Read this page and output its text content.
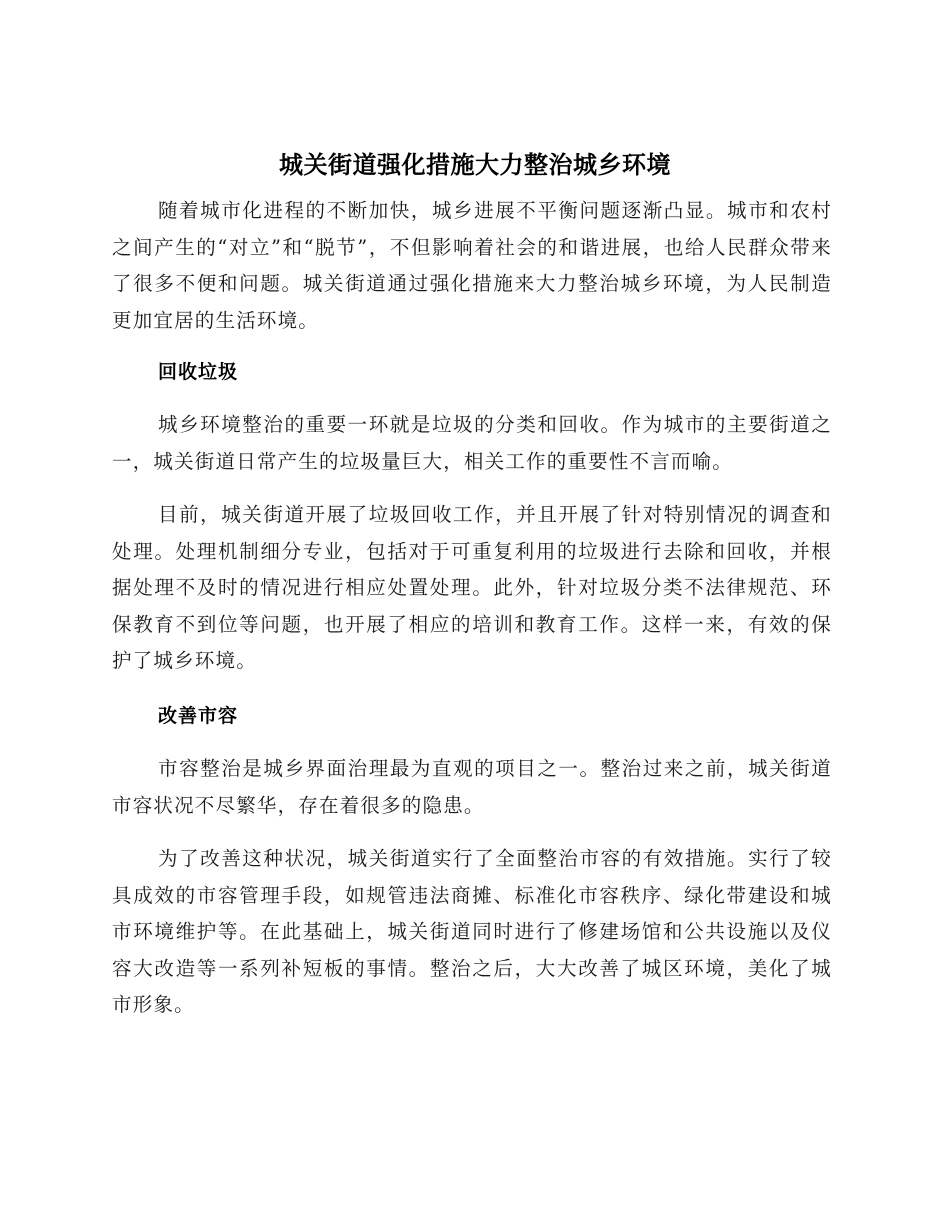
城关街道强化措施大力整治城乡环境

随着城市化进程的不断加快，城乡进展不平衡问题逐渐凸显。城市和农村之间产生的“对立”和“脱节”，不但影响着社会的和谐进展，也给人民群众带来了很多不便和问题。城关街道通过强化措施来大力整治城乡环境，为人民制造更加宜居的生活环境。

回收垃圾

城乡环境整治的重要一环就是垃圾的分类和回收。作为城市的主要街道之一，城关街道日常产生的垃圾量巨大，相关工作的重要性不言而喻。

目前，城关街道开展了垃圾回收工作，并且开展了针对特别情况的调查和处理。处理机制细分专业，包括对于可重复利用的垃圾进行去除和回收，并根据处理不及时的情况进行相应处置处理。此外，针对垃圾分类不法律规范、环保教育不到位等问题，也开展了相应的培训和教育工作。这样一来，有效的保护了城乡环境。

改善市容

市容整治是城乡界面治理最为直观的项目之一。整治过来之前，城关街道市容状况不尽繁华，存在着很多的隐患。

为了改善这种状况，城关街道实行了全面整治市容的有效措施。实行了较具成效的市容管理手段，如规管违法商摊、标准化市容秩序、绿化带建设和城市环境维护等。在此基础上，城关街道同时进行了修建场馆和公共设施以及仪容大改造等一系列补短板的事情。整治之后，大大改善了城区环境，美化了城市形象。
